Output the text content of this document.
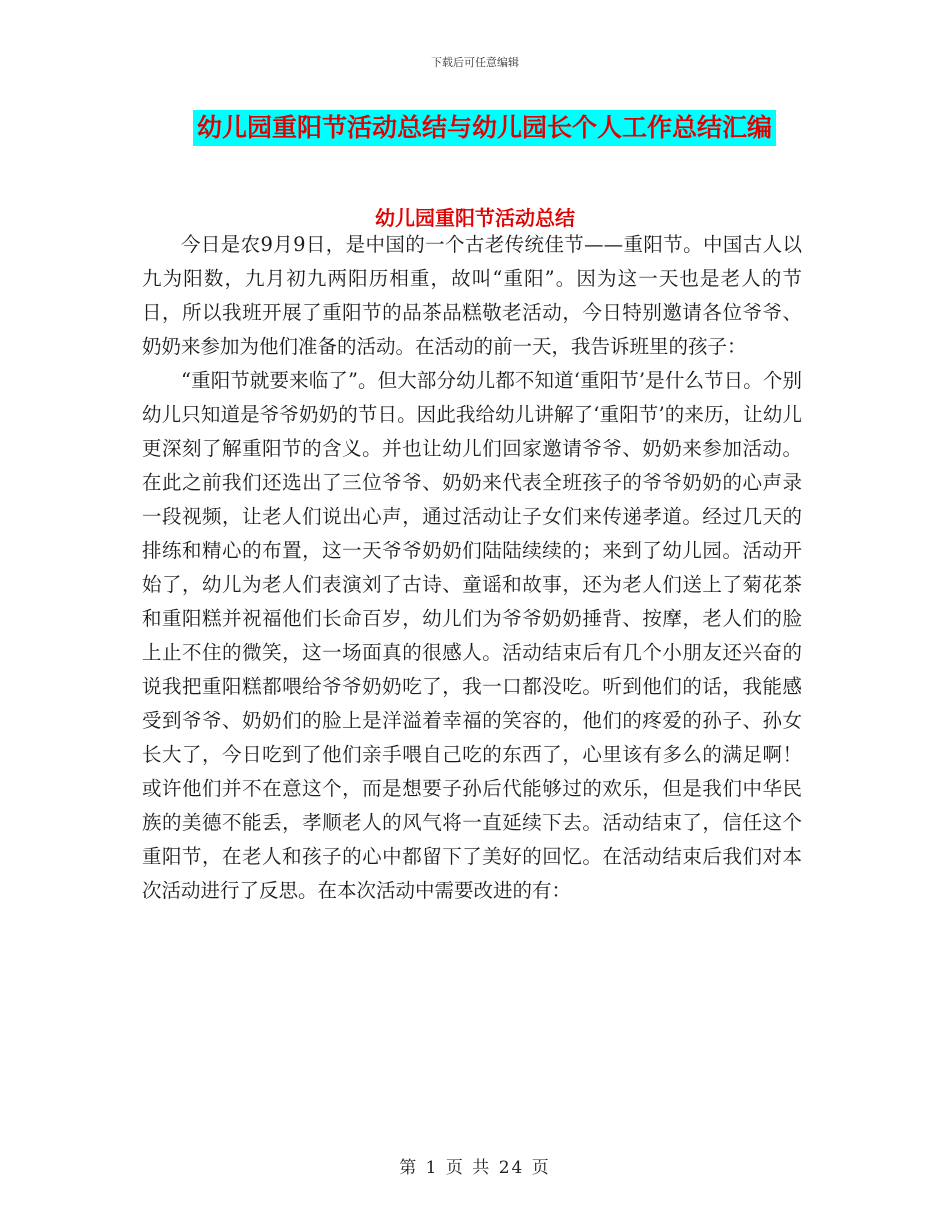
下载后可任意编辑
幼儿园重阳节活动总结与幼儿园长个人工作总结汇编
幼儿园重阳节活动总结

今日是农9月9日，是中国的一个古老传统佳节——重阳节。中国古人以九为阳数，九月初九两阳历相重，故叫“重阳”。因为这一天也是老人的节日，所以我班开展了重阳节的品茶品糕敬老活动，今日特别邀请各位爷爷、奶奶来参加为他们准备的活动。在活动的前一天，我告诉班里的孩子：

“重阳节就要来临了”。但大部分幼儿都不知道‘重阳节’是什么节日。个别幼儿只知道是爷爷奶奶的节日。因此我给幼儿讲解了‘重阳节’的来历，让幼儿更深刻了解重阳节的含义。并也让幼儿们回家邀请爷爷、奶奶来参加活动。在此之前我们还选出了三位爷爷、奶奶来代表全班孩子的爷爷奶奶的心声录一段视频，让老人们说出心声，通过活动让子女们来传递孝道。经过几天的排练和精心的布置，这一天爷爷奶奶们陆陆续续的；来到了幼儿园。活动开始了，幼儿为老人们表演刘了古诗、童谣和故事，还为老人们送上了菊花茶和重阳糕并祝福他们长命百岁，幼儿们为爷爷奶奶捶背、按摩，老人们的脸上止不住的微笑，这一场面真的很感人。活动结束后有几个小朋友还兴奋的说我把重阳糕都喂给爷爷奶奶吃了，我一口都没吃。听到他们的话，我能感受到爷爷、奶奶们的脸上是洋溢着幸福的笑容的，他们的疼爱的孙子、孙女长大了，今日吃到了他们亲手喂自己吃的东西了，心里该有多么的满足啊！或许他们并不在意这个，而是想要子孙后代能够过的欢乐，但是我们中华民族的美德不能丢，孝顺老人的风气将一直延续下去。活动结束了，信任这个重阳节，在老人和孩子的心中都留下了美好的回忆。在活动结束后我们对本次活动进行了反思。在本次活动中需要改进的有：

第 1 页 共 24 页
